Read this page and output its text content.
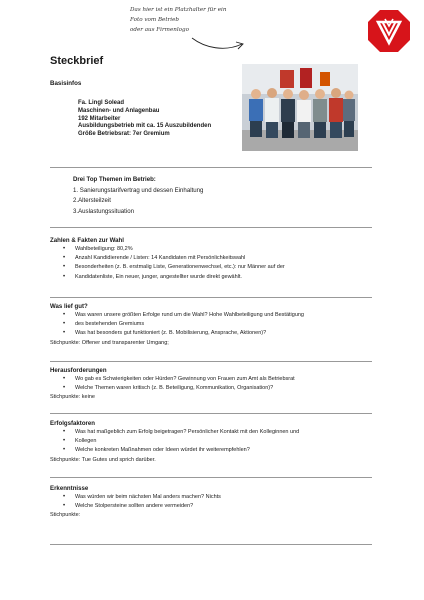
Das hier ist ein Platzhalter für ein
Foto vom Betrieb
oder aus Firmenlogo
Steckbrief
Basisinfos
Fa. Lingl Solead
Maschinen- und Anlagenbau
192 Mitarbeiter
Ausbildungsbetrieb mit ca. 15 Auszubildenden
Größe Betriebsrat: 7er Gremium
Drei Top Themen im Betrieb:
1. Sanierungstarifvertrag und dessen Einhaltung
2.Altersteilzeit
3.Auslastungssituation
Zahlen & Fakten zur Wahl
• Wahlbeteiligung: 80,2%
• Anzahl Kandidierende / Listen: 14 Kandidaten mit Persönlichkeitswahl
• Besonderheiten (z. B. erstmalig Liste, Generationenwechsel, etc.): nur Männer auf der
• Kandidatenliste, Ein neuer, junger, angestellter wurde direkt gewählt.
Was lief gut?
• Was waren unsere größten Erfolge rund um die Wahl? Hohe Wahlbeteiligung und Bestätigung
• des bestehenden Gremiums
• Was hat besonders gut funktioniert (z. B. Mobilisierung, Ansprache, Aktionen)?
Stichpunkte: Offener und transparenter Umgang;
Herausforderungen
• Wo gab es Schwierigkeiten oder Hürden? Gewinnung von Frauen zum Amt als Betriebsrat
• Welche Themen waren kritisch (z. B. Beteiligung, Kommunikation, Organisation)?
Stichpunkte: keine
Erfolgsfaktoren
• Was hat maßgeblich zum Erfolg beigetragen? Persönlicher Kontakt mit den Kolleginnen und
• Kollegen
• Welche konkreten Maßnahmen oder Ideen würdet ihr weiterempfehlen?
Stichpunkte: Tue Gutes und sprich darüber.
Erkenntnisse
• Was würden wir beim nächsten Mal anders machen? Nichts
• Welche Stolpersteine sollten andere vermeiden?
Stichpunkte:
